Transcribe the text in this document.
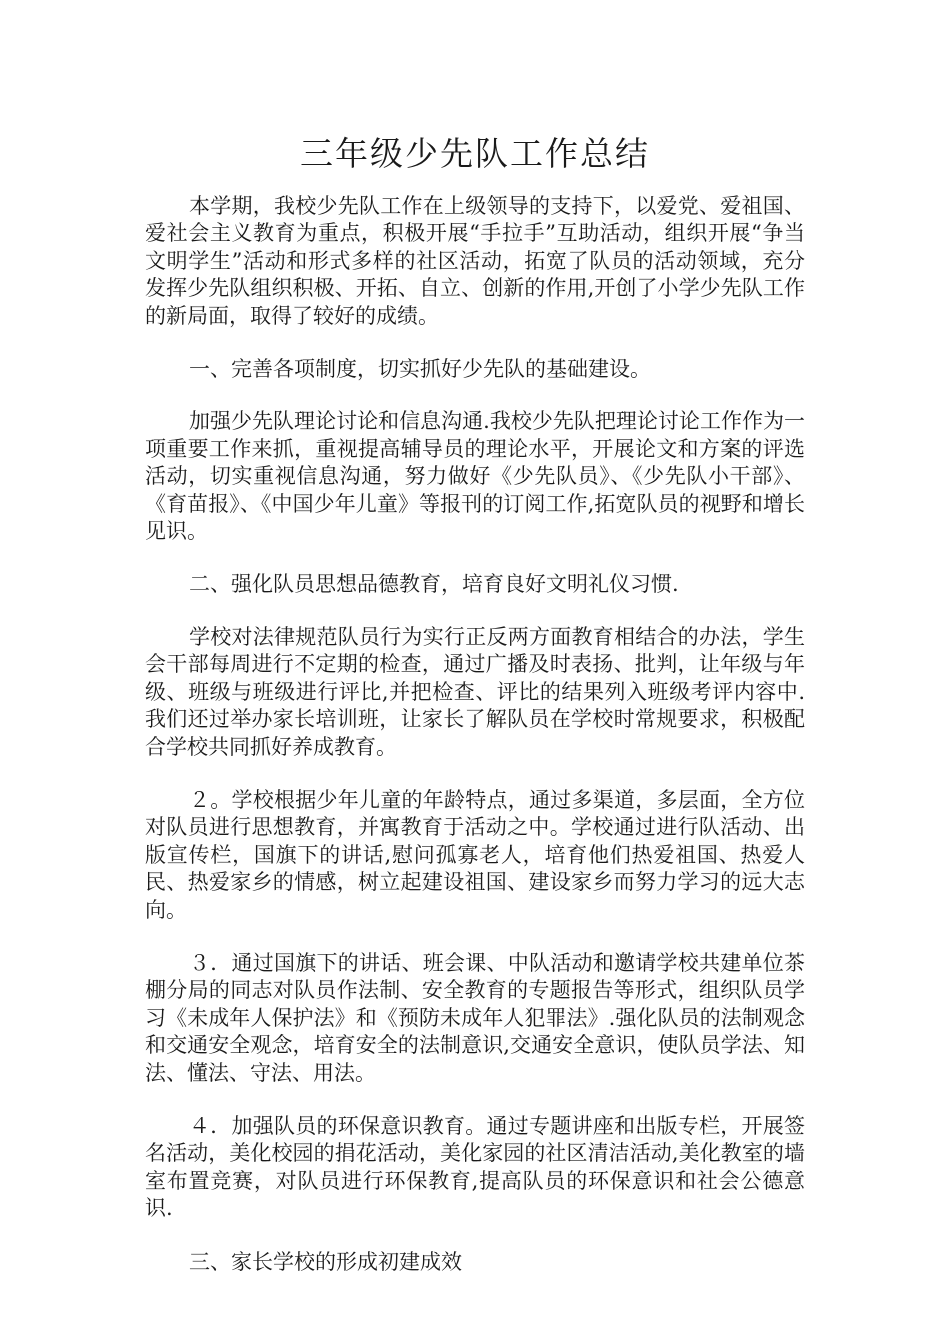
三年级少先队工作总结

本学期，我校少先队工作在上级领导的支持下，以爱党、爱祖国、爱社会主义教育为重点，积极开展“手拉手”互助活动，组织开展“争当文明学生”活动和形式多样的社区活动，拓宽了队员的活动领域，充分发挥少先队组织积极、开拓、自立、创新的作用,开创了小学少先队工作的新局面，取得了较好的成绩。

一、完善各项制度，切实抓好少先队的基础建设。

加强少先队理论讨论和信息沟通.我校少先队把理论讨论工作作为一项重要工作来抓，重视提高辅导员的理论水平，开展论文和方案的评选活动，切实重视信息沟通，努力做好《少先队员》、《少先队小干部》、《育苗报》、《中国少年儿童》等报刊的订阅工作,拓宽队员的视野和增长见识。

二、强化队员思想品德教育，培育良好文明礼仪习惯.

学校对法律规范队员行为实行正反两方面教育相结合的办法，学生会干部每周进行不定期的检查，通过广播及时表扬、批判，让年级与年级、班级与班级进行评比,并把检查、评比的结果列入班级考评内容中.我们还过举办家长培训班，让家长了解队员在学校时常规要求，积极配合学校共同抓好养成教育。

２。学校根据少年儿童的年龄特点，通过多渠道，多层面，全方位对队员进行思想教育，并寓教育于活动之中。学校通过进行队活动、出版宣传栏，国旗下的讲话,慰问孤寡老人，培育他们热爱祖国、热爱人民、热爱家乡的情感，树立起建设祖国、建设家乡而努力学习的远大志向。

３．通过国旗下的讲话、班会课、中队活动和邀请学校共建单位茶棚分局的同志对队员作法制、安全教育的专题报告等形式，组织队员学习《未成年人保护法》和《预防未成年人犯罪法》.强化队员的法制观念和交通安全观念，培育安全的法制意识,交通安全意识，使队员学法、知法、懂法、守法、用法。

４．加强队员的环保意识教育。通过专题讲座和出版专栏，开展签名活动，美化校园的捐花活动，美化家园的社区清洁活动,美化教室的墙室布置竞赛，对队员进行环保教育,提高队员的环保意识和社会公德意识.

三、家长学校的形成初建成效
